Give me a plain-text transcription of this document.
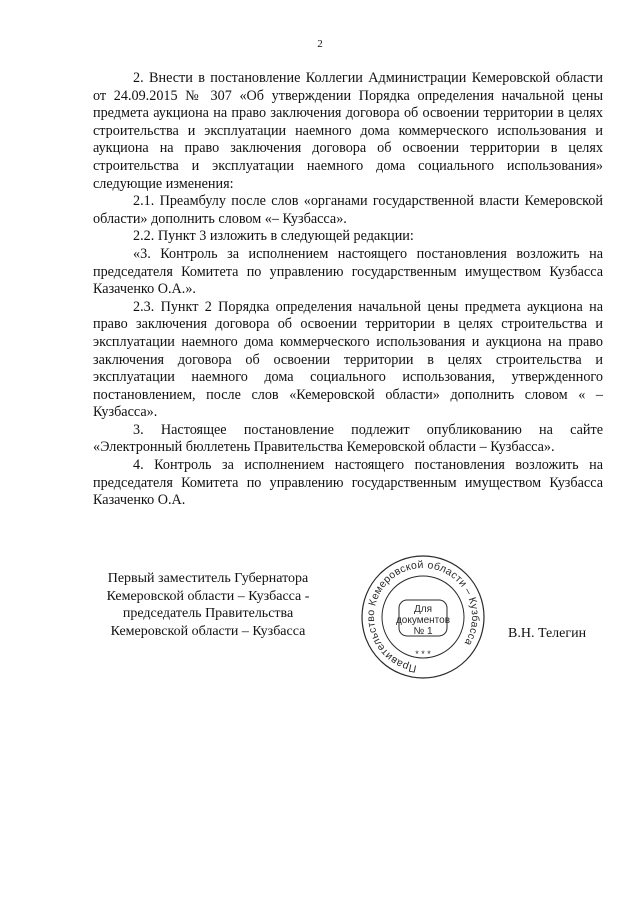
2

2. Внести в постановление Коллегии Администрации Кемеровской области от 24.09.2015 № 307 «Об утверждении Порядка определения начальной цены предмета аукциона на право заключения договора об освоении территории в целях строительства и эксплуатации наемного дома коммерческого использования и аукциона на право заключения договора об освоении территории в целях строительства и эксплуатации наемного дома социального использования» следующие изменения:

2.1. Преамбулу после слов «органами государственной власти Кемеровской области» дополнить словом «– Кузбасса».

2.2. Пункт 3 изложить в следующей редакции:

«3. Контроль за исполнением настоящего постановления возложить на председателя Комитета по управлению государственным имуществом Кузбасса Казаченко О.А.».

2.3. Пункт 2 Порядка определения начальной цены предмета аукциона на право заключения договора об освоении территории в целях строительства и эксплуатации наемного дома коммерческого использования и аукциона на право заключения договора об освоении территории в целях строительства и эксплуатации наемного дома социального использования, утвержденного постановлением, после слов «Кемеровской области» дополнить словом « – Кузбасса».

3. Настоящее постановление подлежит опубликованию на сайте «Электронный бюллетень Правительства Кемеровской области – Кузбасса».

4. Контроль за исполнением настоящего постановления возложить на председателя Комитета по управлению государственным имуществом Кузбасса Казаченко О.А.

Первый заместитель Губернатора
Кемеровской области – Кузбасса -
председатель Правительства
Кемеровской области – Кузбасса	В.Н. Телегин
Правительство Кемеровской области – Кузбасса
* * *
Для
документов
№ 1
